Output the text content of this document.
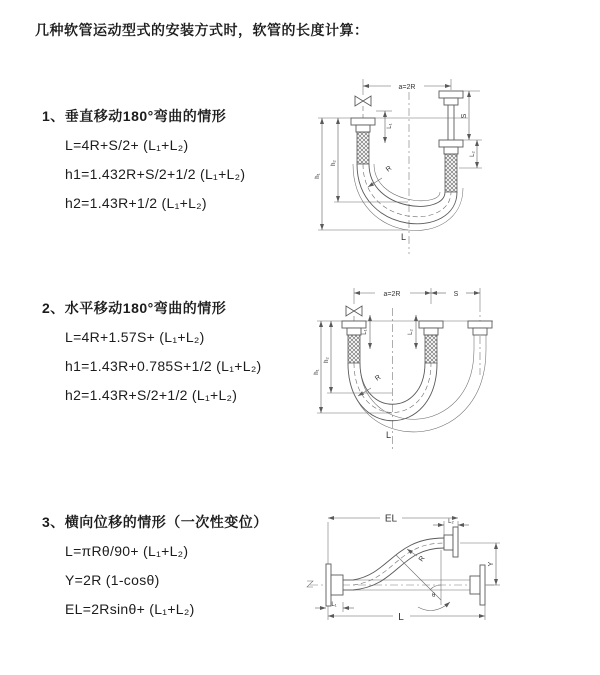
几种软管运动型式的安装方式时，软管的长度计算：
1、垂直移动180°弯曲的情形
L=4R+S/2+ (L₁+L₂)
h1=1.432R+S/2+1/2 (L₁+L₂)
h2=1.43R+1/2 (L₁+L₂)
2、水平移动180°弯曲的情形
L=4R+1.57S+ (L₁+L₂)
h1=1.43R+0.785S+1/2 (L₁+L₂)
h2=1.43R+S/2+1/2 (L₁+L₂)
3、横向位移的情形（一次性变位）
L=πRθ/90+ (L₁+L₂)
Y=2R (1-cosθ)
EL=2Rsinθ+ (L₁+L₂)
a=2R
R
L
h₂
h₁
S
L₂
L₁
a=2R	S
R
L
h₂
h₁
L₁	L₂
EL	L₂
Y
R
θ
L
L₁
